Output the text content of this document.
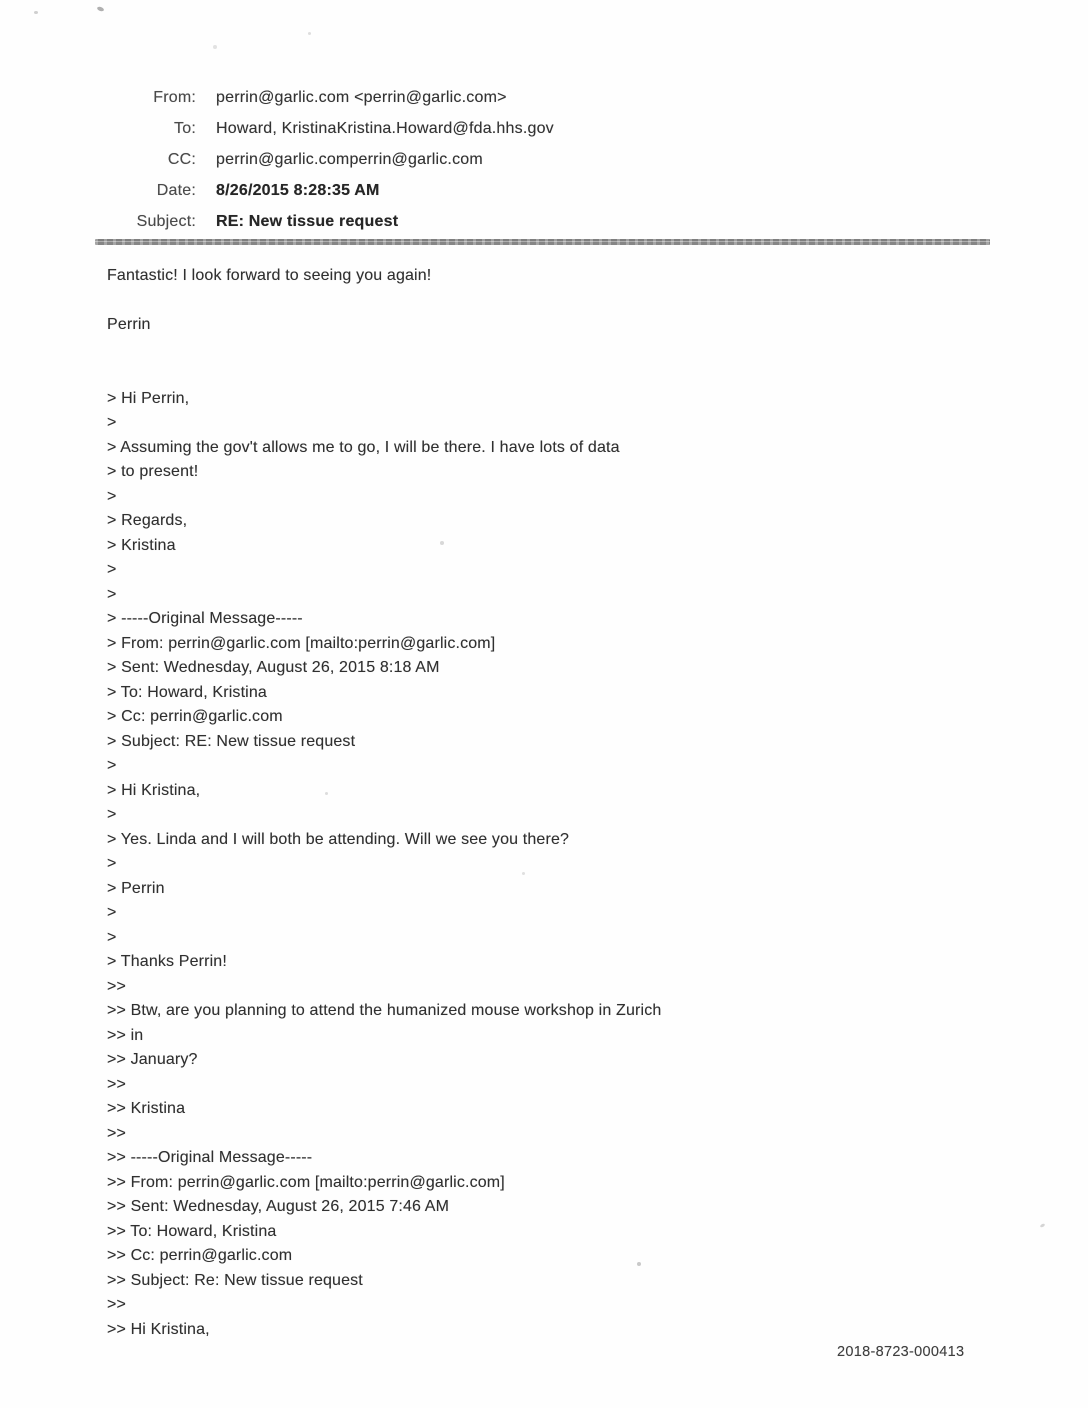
From:	perrin@garlic.com <perrin@garlic.com>
To:	Howard, KristinaKristina.Howard@fda.hhs.gov
CC:	perrin@garlic.comperrin@garlic.com
Date:	8/26/2015 8:28:35 AM
Subject:	RE: New tissue request
Fantastic! I look forward to seeing you again!

Perrin

> Hi Perrin,
>
> Assuming the gov't allows me to go, I will be there. I have lots of data
> to present!
>
> Regards,
> Kristina
>
>
> -----Original Message-----
> From: perrin@garlic.com [mailto:perrin@garlic.com]
> Sent: Wednesday, August 26, 2015 8:18 AM
> To: Howard, Kristina
> Cc: perrin@garlic.com
> Subject: RE: New tissue request
>
> Hi Kristina,
>
> Yes. Linda and I will both be attending. Will we see you there?
>
> Perrin
>
>
> Thanks Perrin!
>>
>> Btw, are you planning to attend the humanized mouse workshop in Zurich
>> in
>> January?
>>
>> Kristina
>>
>> -----Original Message-----
>> From: perrin@garlic.com [mailto:perrin@garlic.com]
>> Sent: Wednesday, August 26, 2015 7:46 AM
>> To: Howard, Kristina
>> Cc: perrin@garlic.com
>> Subject: Re: New tissue request
>>
>> Hi Kristina,
2018-8723-000413
